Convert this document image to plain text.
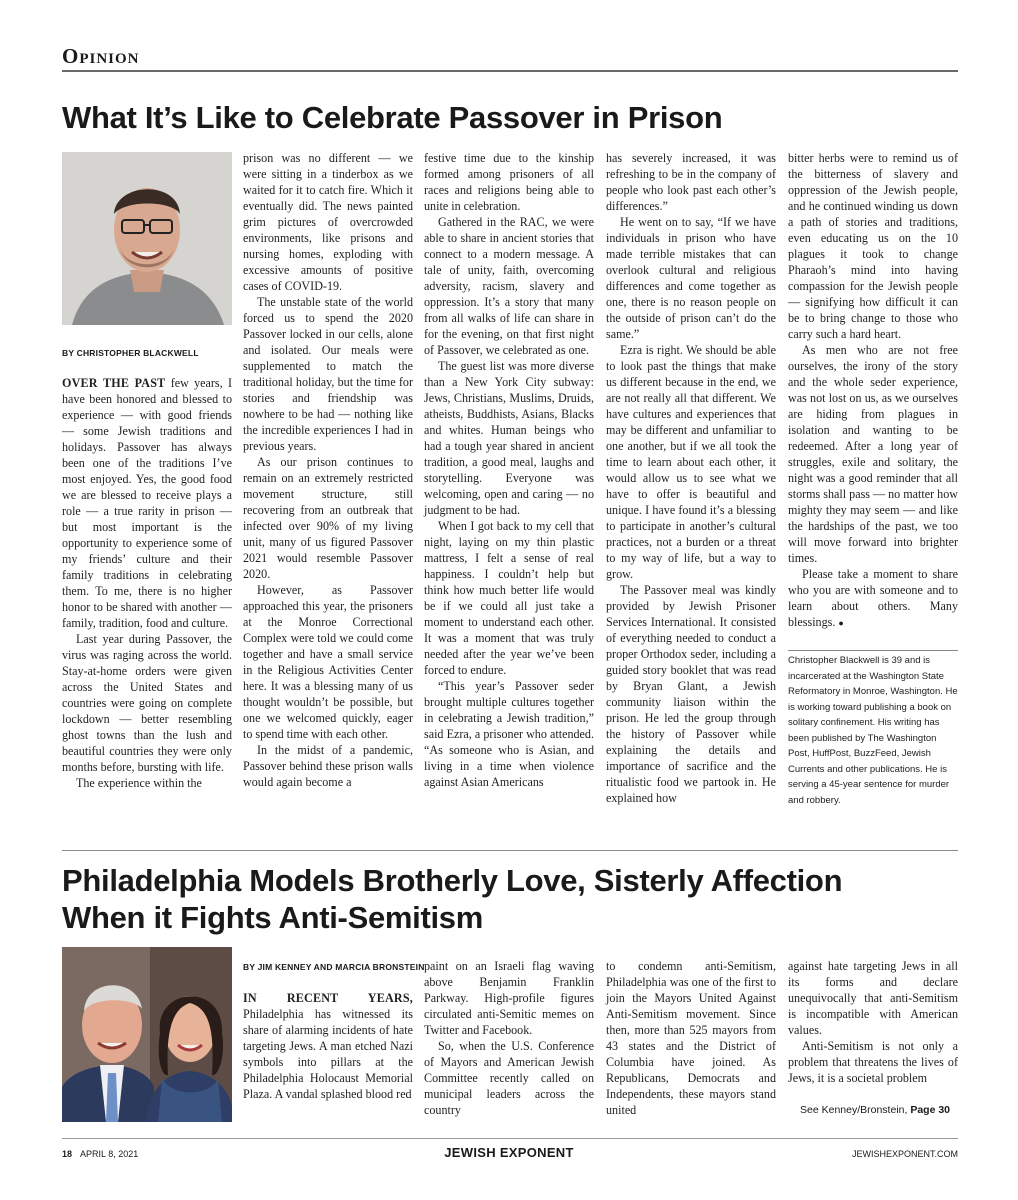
Opinion
What It’s Like to Celebrate Passover in Prison
BY CHRISTOPHER BLACKWELL

OVER THE PAST few years, I have been honored and blessed to experience — with good friends — some Jewish traditions and holidays. Passover has always been one of the traditions I’ve most enjoyed. Yes, the good food we are blessed to receive plays a role — a true rarity in prison — but most important is the opportunity to experience some of my friends’ culture and their family traditions in celebrating them. To me, there is no higher honor to be shared with another — family, tradition, food and culture.

Last year during Passover, the virus was raging across the world. Stay-at-home orders were given across the United States and countries were going on complete lockdown — better resembling ghost towns than the lush and beautiful countries they were only months before, bursting with life.

The experience within the

prison was no different — we were sitting in a tinderbox as we waited for it to catch fire. Which it eventually did. The news painted grim pictures of overcrowded environments, like prisons and nursing homes, exploding with excessive amounts of positive cases of COVID-19.

The unstable state of the world forced us to spend the 2020 Passover locked in our cells, alone and isolated. Our meals were supplemented to match the traditional holiday, but the time for stories and friendship was nowhere to be had — nothing like the incredible experiences I had in previous years.

As our prison continues to remain on an extremely restricted movement structure, still recovering from an outbreak that infected over 90% of my living unit, many of us figured Passover 2021 would resemble Passover 2020.

However, as Passover approached this year, the prisoners at the Monroe Correctional Complex were told we could come together and have a small service in the Religious Activities Center here. It was a blessing many of us thought wouldn’t be possible, but one we welcomed quickly, eager to spend time with each other.

In the midst of a pandemic, Passover behind these prison walls would again become a

festive time due to the kinship formed among prisoners of all races and religions being able to unite in celebration.

Gathered in the RAC, we were able to share in ancient stories that connect to a modern message. A tale of unity, faith, overcoming adversity, racism, slavery and oppression. It’s a story that many from all walks of life can share in for the evening, on that first night of Passover, we celebrated as one.

The guest list was more diverse than a New York City subway: Jews, Christians, Muslims, Druids, atheists, Buddhists, Asians, Blacks and whites. Human beings who had a tough year shared in ancient tradition, a good meal, laughs and storytelling. Everyone was welcoming, open and caring — no judgment to be had.

When I got back to my cell that night, laying on my thin plastic mattress, I felt a sense of real happiness. I couldn’t help but think how much better life would be if we could all just take a moment to understand each other. It was a moment that was truly needed after the year we’ve been forced to endure.

“This year’s Passover seder brought multiple cultures together in celebrating a Jewish tradition,” said Ezra, a prisoner who attended. “As someone who is Asian, and living in a time when violence against Asian Americans

has severely increased, it was refreshing to be in the company of people who look past each other’s differences.”

He went on to say, “If we have individuals in prison who have made terrible mistakes that can overlook cultural and religious differences and come together as one, there is no reason people on the outside of prison can’t do the same.”

Ezra is right. We should be able to look past the things that make us different because in the end, we are not really all that different. We have cultures and experiences that may be different and unfamiliar to one another, but if we all took the time to learn about each other, it would allow us to see what we have to offer is beautiful and unique. I have found it’s a blessing to participate in another’s cultural practices, not a burden or a threat to my way of life, but a way to grow.

The Passover meal was kindly provided by Jewish Prisoner Services International. It consisted of everything needed to conduct a proper Orthodox seder, including a guided story booklet that was read by Bryan Glant, a Jewish community liaison within the prison. He led the group through the history of Passover while explaining the details and importance of sacrifice and the ritualistic food we partook in. He explained how

bitter herbs were to remind us of the bitterness of slavery and oppression of the Jewish people, and he continued winding us down a path of stories and traditions, even educating us on the 10 plagues it took to change Pharaoh’s mind into having compassion for the Jewish people — signifying how difficult it can be to bring change to those who carry such a hard heart.

As men who are not free ourselves, the irony of the story and the whole seder experience, was not lost on us, as we ourselves are hiding from plagues in isolation and wanting to be redeemed. After a long year of struggles, exile and solitary, the night was a good reminder that all storms shall pass — no matter how mighty they may seem — and like the hardships of the past, we too will move forward into brighter times.

Please take a moment to share who you are with someone and to learn about others. Many blessings. ●

Christopher Blackwell is 39 and is incarcerated at the Washington State Reformatory in Monroe, Washington. He is working toward publishing a book on solitary confinement. His writing has been published by The Washington Post, HuffPost, BuzzFeed, Jewish Currents and other publications. He is serving a 45-year sentence for murder and robbery.
Philadelphia Models Brotherly Love, Sisterly Affection When it Fights Anti-Semitism
BY JIM KENNEY AND MARCIA BRONSTEIN

IN RECENT YEARS, Philadelphia has witnessed its share of alarming incidents of hate targeting Jews. A man etched Nazi symbols into pillars at the Philadelphia Holocaust Memorial Plaza. A vandal splashed blood red

paint on an Israeli flag waving above Benjamin Franklin Parkway. High-profile figures circulated anti-Semitic memes on Twitter and Facebook.

So, when the U.S. Conference of Mayors and American Jewish Committee recently called on municipal leaders across the country

to condemn anti-Semitism, Philadelphia was one of the first to join the Mayors United Against Anti-Semitism movement. Since then, more than 525 mayors from 43 states and the District of Columbia have joined. As Republicans, Democrats and Independents, these mayors stand united

against hate targeting Jews in all its forms and declare unequivocally that anti-Semitism is incompatible with American values.

Anti-Semitism is not only a problem that threatens the lives of Jews, it is a societal problem

See Kenney/Bronstein, Page 30
18 APRIL 8, 2021	JEWISH EXPONENT	JEWISHEXPONENT.COM
